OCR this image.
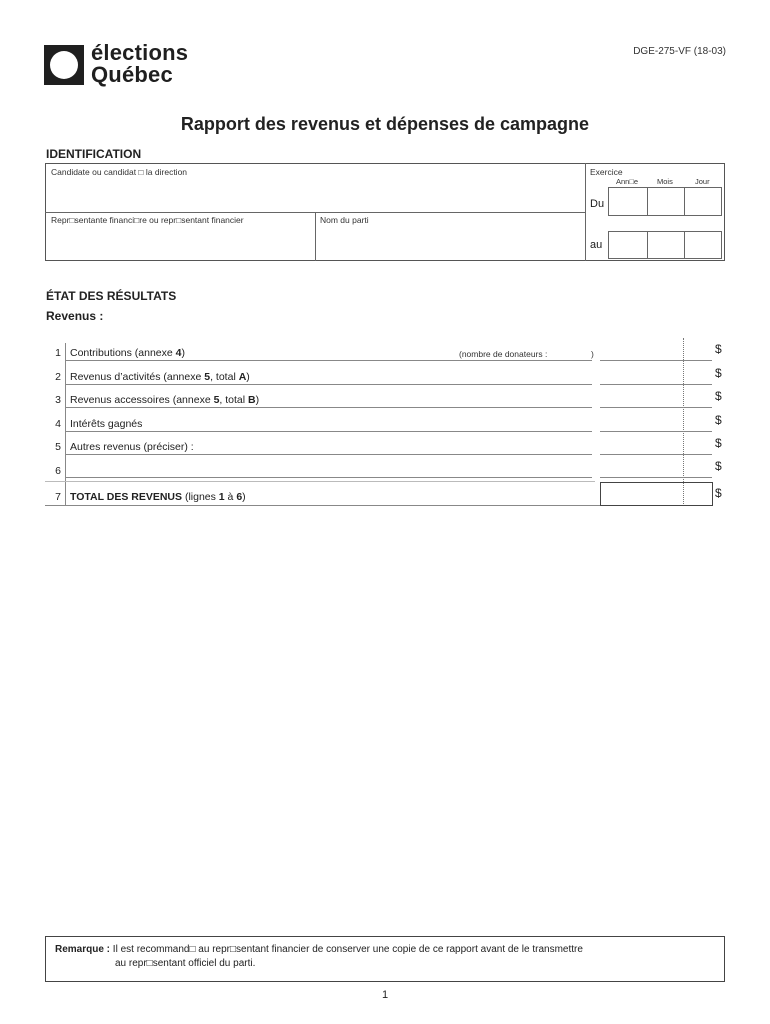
élections
Québec
DGE-275-VF (18-03)
Rapport des revenus et dépenses de campagne
IDENTIFICATION
Candidate ou candidat □ la direction
Repr□sentante financi□re ou repr□sentant financier	Nom du parti
Exercice
Ann□e	Mois	Jour
Du
au
ÉTAT DES RÉSULTATS
Revenus :
1 Contributions (annexe 4)	(nombre de donateurs :	)	$
2 Revenus d’activités (annexe 5, total A)	$
3 Revenus accessoires (annexe 5, total B)	$
4 Intérêts gagnés	$
5 Autres revenus (préciser) :	$
6	$
7 TOTAL DES REVENUS (lignes 1 à 6)	$
Remarque : Il est recommand□ au repr□sentant financier de conserver une copie de ce rapport avant de le transmettre
au repr□sentant officiel du parti.
1
